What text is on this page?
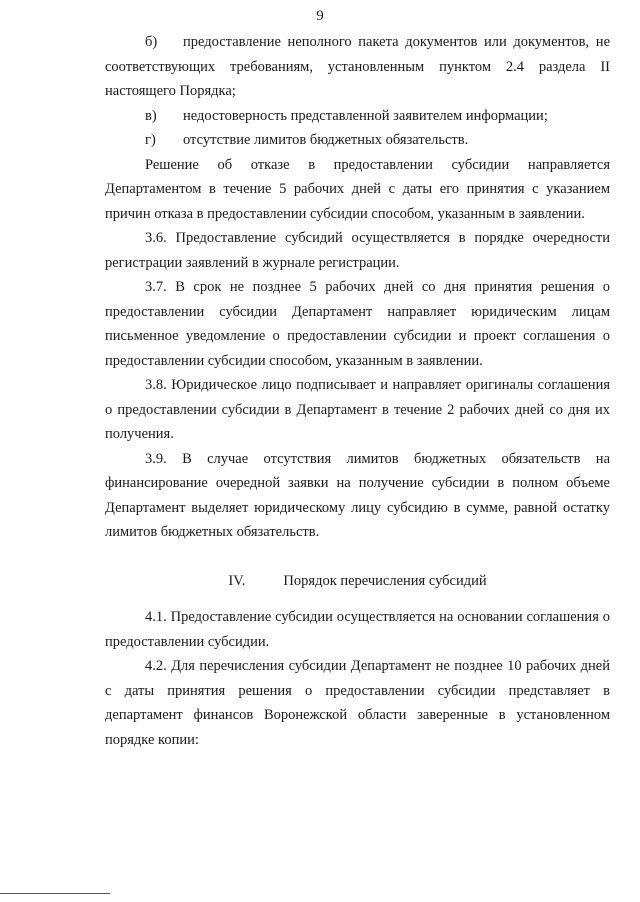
9

б) предоставление неполного пакета документов или документов, не соответствующих требованиям, установленным пунктом 2.4 раздела II настоящего Порядка;

в) недостоверность представленной заявителем информации;

г) отсутствие лимитов бюджетных обязательств.

Решение об отказе в предоставлении субсидии направляется Департаментом в течение 5 рабочих дней с даты его принятия с указанием причин отказа в предоставлении субсидии способом, указанным в заявлении.

3.6. Предоставление субсидий осуществляется в порядке очередности регистрации заявлений в журнале регистрации.

3.7. В срок не позднее 5 рабочих дней со дня принятия решения о предоставлении субсидии Департамент направляет юридическим лицам письменное уведомление о предоставлении субсидии и проект соглашения о предоставлении субсидии способом, указанным в заявлении.

3.8. Юридическое лицо подписывает и направляет оригиналы соглашения о предоставлении субсидии в Департамент в течение 2 рабочих дней со дня их получения.

3.9. В случае отсутствия лимитов бюджетных обязательств на финансирование очередной заявки на получение субсидии в полном объеме Департамент выделяет юридическому лицу субсидию в сумме, равной остатку лимитов бюджетных обязательств.

IV.	Порядок перечисления субсидий

4.1. Предоставление субсидии осуществляется на основании соглашения о предоставлении субсидии.

4.2. Для перечисления субсидии Департамент не позднее 10 рабочих дней с даты принятия решения о предоставлении субсидии представляет в департамент финансов Воронежской области заверенные в установленном порядке копии:
